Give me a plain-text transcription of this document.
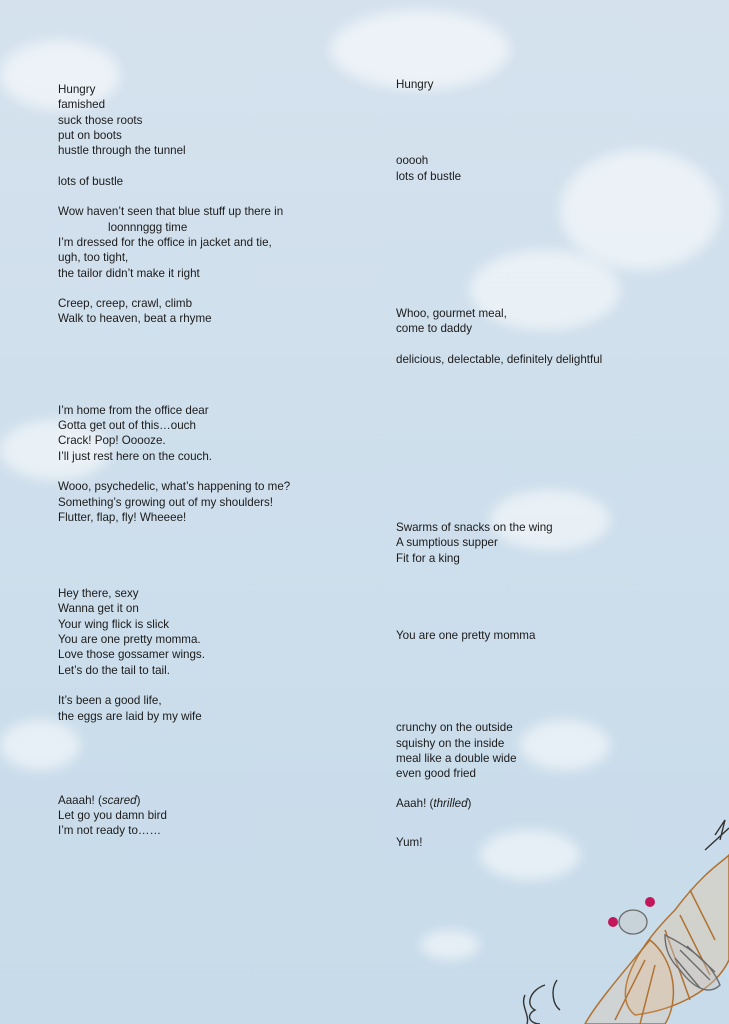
Hungry
famished
suck those roots
put on boots
hustle through the tunnel
lots of bustle
Wow haven’t seen that blue stuff up there in
loonnnggg time
I’m dressed for the office in jacket and tie,
ugh, too tight,
the tailor didn’t make it right
Creep, creep, crawl, climb
Walk to heaven, beat a rhyme
I’m home from the office dear
Gotta get out of this…ouch
Crack! Pop! Ooooze.
I’ll just rest here on the couch.
Wooo, psychedelic, what’s happening to me?
Something’s growing out of my shoulders!
Flutter, flap, fly! Wheeee!
Hey there, sexy
Wanna get it on
Your wing flick is slick
You are one pretty momma.
Love those gossamer wings.
Let’s do the tail to tail.
It’s been a good life,
the eggs are laid by my wife
Aaaah! (scared)
Let go you damn bird
I’m not ready to……
Hungry
ooooh
lots of bustle
Whoo, gourmet meal,
come to daddy
delicious, delectable, definitely delightful
Swarms of snacks on the wing
A sumptious supper
Fit for a king
You are one pretty momma
crunchy on the outside
squishy on the inside
meal like a double wide
even good fried
Aaah! (thrilled)
Yum!
